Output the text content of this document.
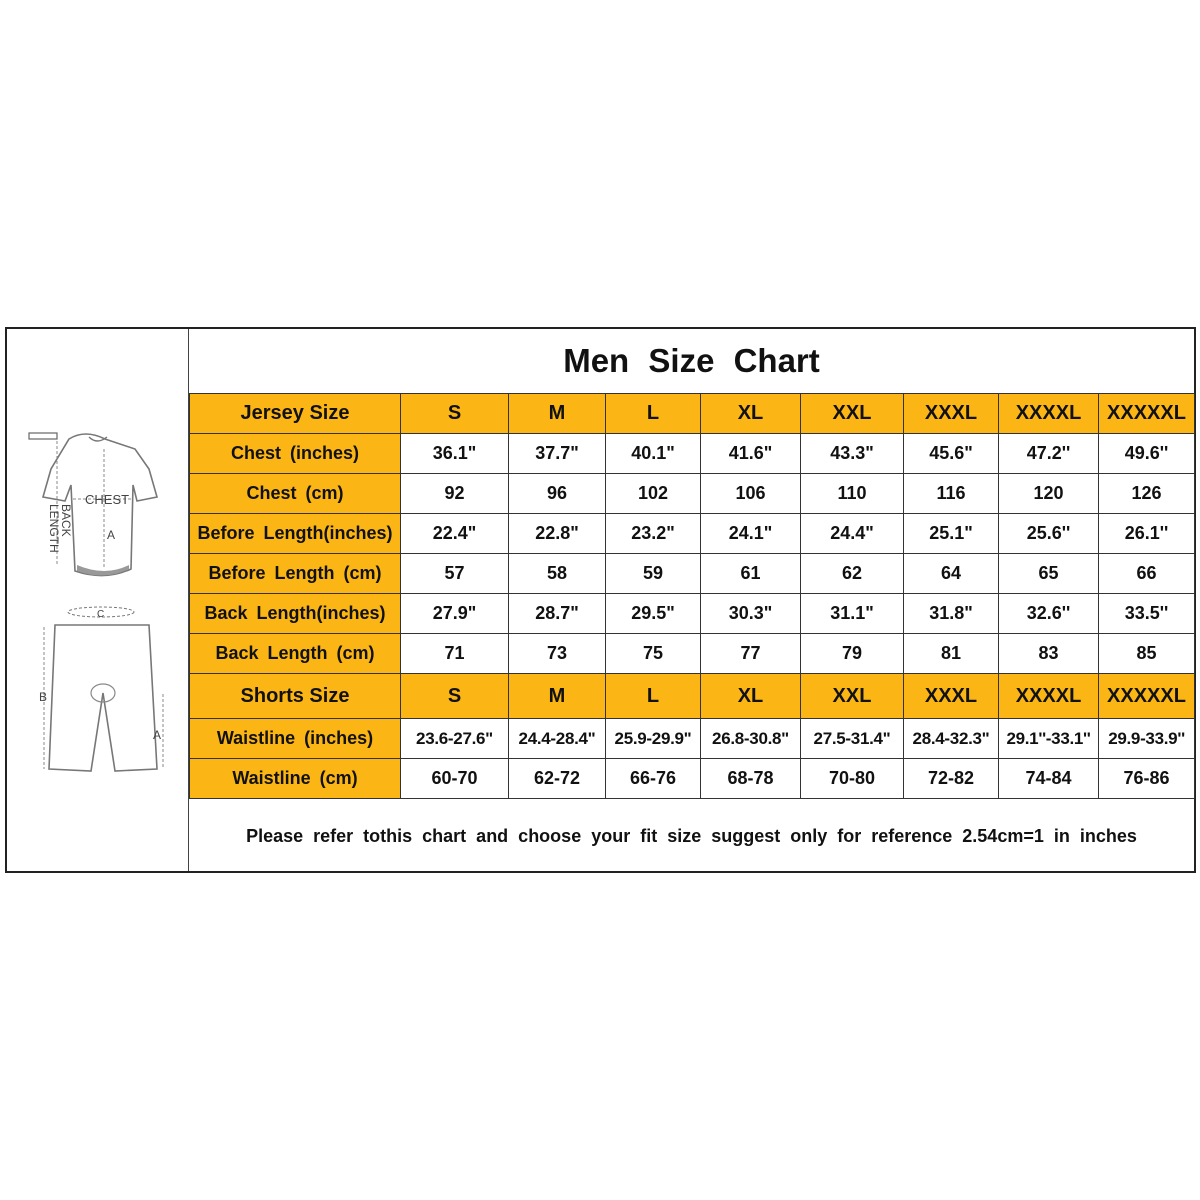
CHEST
BACK
LENGTH	A
C
B
A
Men Size Chart
Jersey Size	S	M	L	XL	XXL	XXXL	XXXXL	XXXXXL
Chest (inches)	36.1"	37.7"	40.1"	41.6"	43.3"	45.6"	47.2''	49.6''
Chest (cm)	92	96	102	106	110	116	120	126
Before Length(inches)	22.4"	22.8"	23.2"	24.1"	24.4"	25.1"	25.6''	26.1''
Before Length (cm)	57	58	59	61	62	64	65	66
Back Length(inches)	27.9"	28.7"	29.5"	30.3"	31.1"	31.8"	32.6''	33.5''
Back Length (cm)	71	73	75	77	79	81	83	85
Shorts Size	S	M	L	XL	XXL	XXXL	XXXXL	XXXXXL
Waistline (inches)	23.6-27.6"	24.4-28.4"	25.9-29.9"	26.8-30.8"	27.5-31.4"	28.4-32.3"	29.1''-33.1''	29.9-33.9''
Waistline (cm)	60-70	62-72	66-76	68-78	70-80	72-82	74-84	76-86
Please refer tothis chart and choose your fit size suggest only for reference 2.54cm=1 in inches
